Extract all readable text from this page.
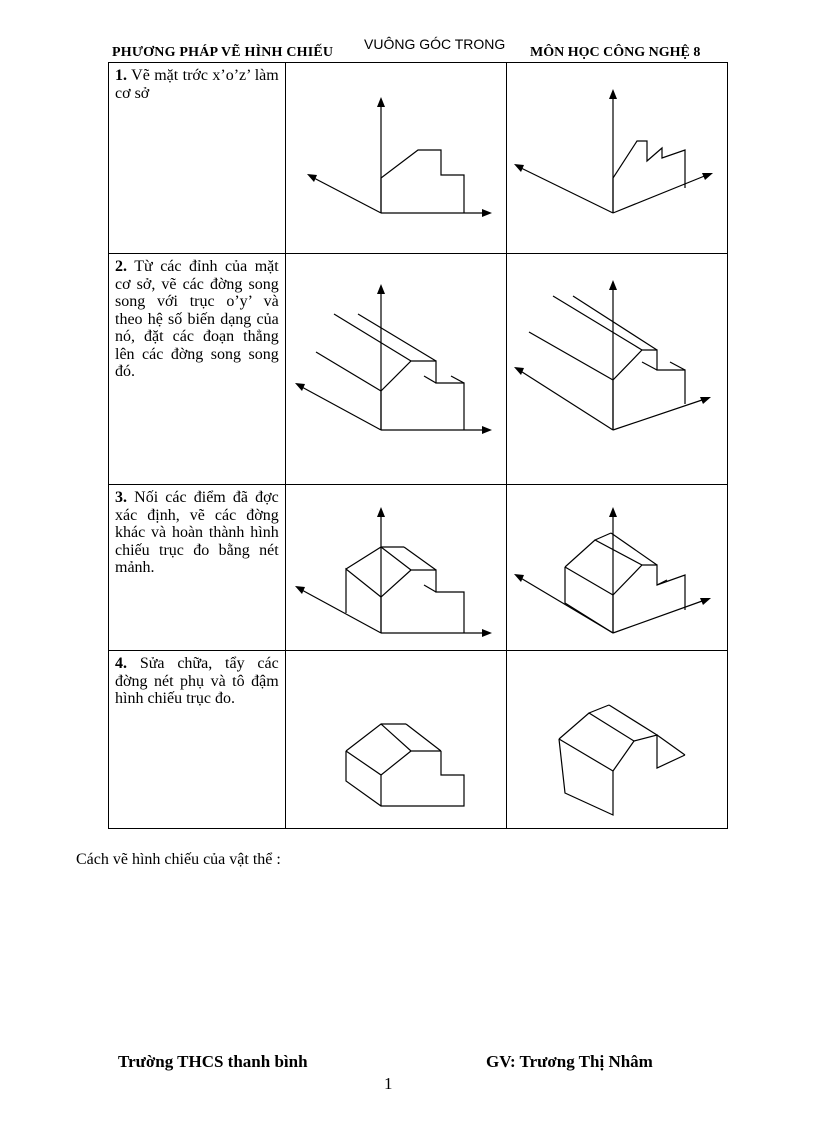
PHƯƠNG PHÁP VẼ HÌNH CHIẾU
VUÔNG GÓC TRONG
MÔN HỌC CÔNG NGHỆ 8
1. Vẽ mặt trớc x’o’z’ làm cơ sở

2. Từ các đỉnh của mặt cơ sở, vẽ các đờng song song với trục o’y’ và theo hệ số biến dạng của nó, đặt các đoạn thẳng lên các đờng song song đó.

3. Nối các điểm đã đợc xác định, vẽ các đờng khác và hoàn thành hình chiếu trục đo bằng nét mảnh.

4. Sửa chữa, tẩy các đờng nét phụ và tô đậm hình chiếu trục đo.

Cách vẽ hình chiếu của vật thể :
Trường THCS thanh bình	GV: Trương Thị Nhâm
1
